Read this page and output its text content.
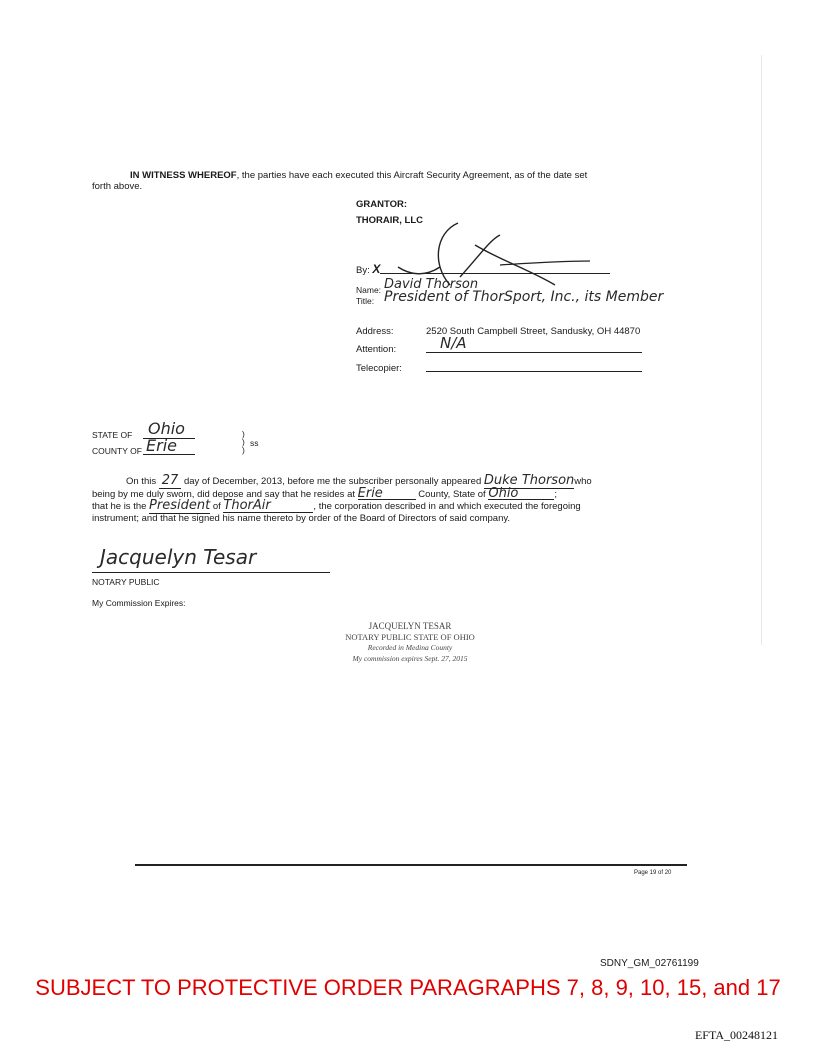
IN WITNESS WHEREOF, the parties have each executed this Aircraft Security Agreement, as of the date set
forth above.
GRANTOR:
THORAIR, LLC
By: X
Name: David Thorson
Title: President of ThorSport, Inc., its Member
Address:	2520 South Campbell Street, Sandusky, OH 44870
Attention:	N/A
Telecopier:
STATE OF Ohio	)
ss
)
COUNTY OF Erie	)
On this 27 day of December, 2013, before me the subscriber personally appeared Duke Thorsonwho
being by me duly sworn, did depose and say that he resides at Erie	County, State of Ohio	;
that he is the President of ThorAir	, the corporation described in and which executed the foregoing
instrument; and that he signed his name thereto by order of the Board of Directors of said company.
Jacquelyn Tesar
NOTARY PUBLIC
My Commission Expires:
JACQUELYN TESAR
NOTARY PUBLIC STATE OF OHIO
Recorded in Medina County
My commission expires Sept. 27, 2015
Page 19 of 20
SDNY_GM_02761199
SUBJECT TO PROTECTIVE ORDER PARAGRAPHS 7, 8, 9, 10, 15, and 17
EFTA_00248121
